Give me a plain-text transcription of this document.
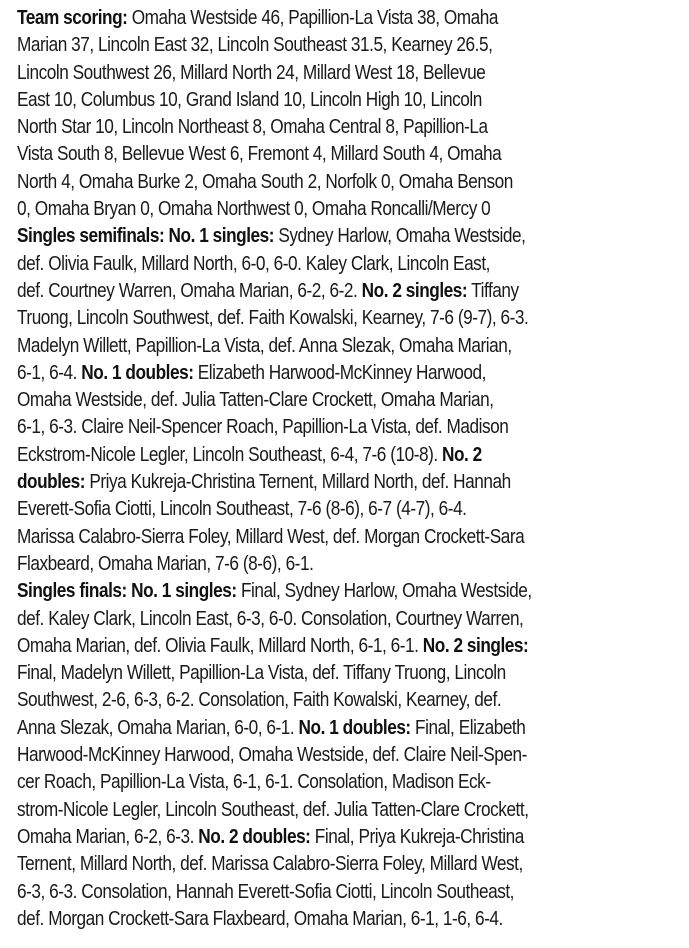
Team scoring: Omaha Westside 46, Papillion-La Vista 38, Omaha
Marian 37, Lincoln East 32, Lincoln Southeast 31.5, Kearney 26.5,
Lincoln Southwest 26, Millard North 24, Millard West 18, Bellevue
East 10, Columbus 10, Grand Island 10, Lincoln High 10, Lincoln
North Star 10, Lincoln Northeast 8, Omaha Central 8, Papillion-La
Vista South 8, Bellevue West 6, Fremont 4, Millard South 4, Omaha
North 4, Omaha Burke 2, Omaha South 2, Norfolk 0, Omaha Benson
0, Omaha Bryan 0, Omaha Northwest 0, Omaha Roncalli/Mercy 0
Singles semifinals: No. 1 singles: Sydney Harlow, Omaha Westside,
def. Olivia Faulk, Millard North, 6-0, 6-0. Kaley Clark, Lincoln East,
def. Courtney Warren, Omaha Marian, 6-2, 6-2. No. 2 singles: Tiffany
Truong, Lincoln Southwest, def. Faith Kowalski, Kearney, 7-6 (9-7), 6-3.
Madelyn Willett, Papillion-La Vista, def. Anna Slezak, Omaha Marian,
6-1, 6-4. No. 1 doubles: Elizabeth Harwood-McKinney Harwood,
Omaha Westside, def. Julia Tatten-Clare Crockett, Omaha Marian,
6-1, 6-3. Claire Neil-Spencer Roach, Papillion-La Vista, def. Madison
Eckstrom-Nicole Legler, Lincoln Southeast, 6-4, 7-6 (10-8). No. 2
doubles: Priya Kukreja-Christina Ternent, Millard North, def. Hannah
Everett-Sofia Ciotti, Lincoln Southeast, 7-6 (8-6), 6-7 (4-7), 6-4.
Marissa Calabro-Sierra Foley, Millard West, def. Morgan Crockett-Sara
Flaxbeard, Omaha Marian, 7-6 (8-6), 6-1.
Singles finals: No. 1 singles: Final, Sydney Harlow, Omaha Westside,
def. Kaley Clark, Lincoln East, 6-3, 6-0. Consolation, Courtney Warren,
Omaha Marian, def. Olivia Faulk, Millard North, 6-1, 6-1. No. 2 singles:
Final, Madelyn Willett, Papillion-La Vista, def. Tiffany Truong, Lincoln
Southwest, 2-6, 6-3, 6-2. Consolation, Faith Kowalski, Kearney, def.
Anna Slezak, Omaha Marian, 6-0, 6-1. No. 1 doubles: Final, Elizabeth
Harwood-McKinney Harwood, Omaha Westside, def. Claire Neil-Spen-
cer Roach, Papillion-La Vista, 6-1, 6-1. Consolation, Madison Eck-
strom-Nicole Legler, Lincoln Southeast, def. Julia Tatten-Clare Crockett,
Omaha Marian, 6-2, 6-3. No. 2 doubles: Final, Priya Kukreja-Christina
Ternent, Millard North, def. Marissa Calabro-Sierra Foley, Millard West,
6-3, 6-3. Consolation, Hannah Everett-Sofia Ciotti, Lincoln Southeast,
def. Morgan Crockett-Sara Flaxbeard, Omaha Marian, 6-1, 1-6, 6-4.
